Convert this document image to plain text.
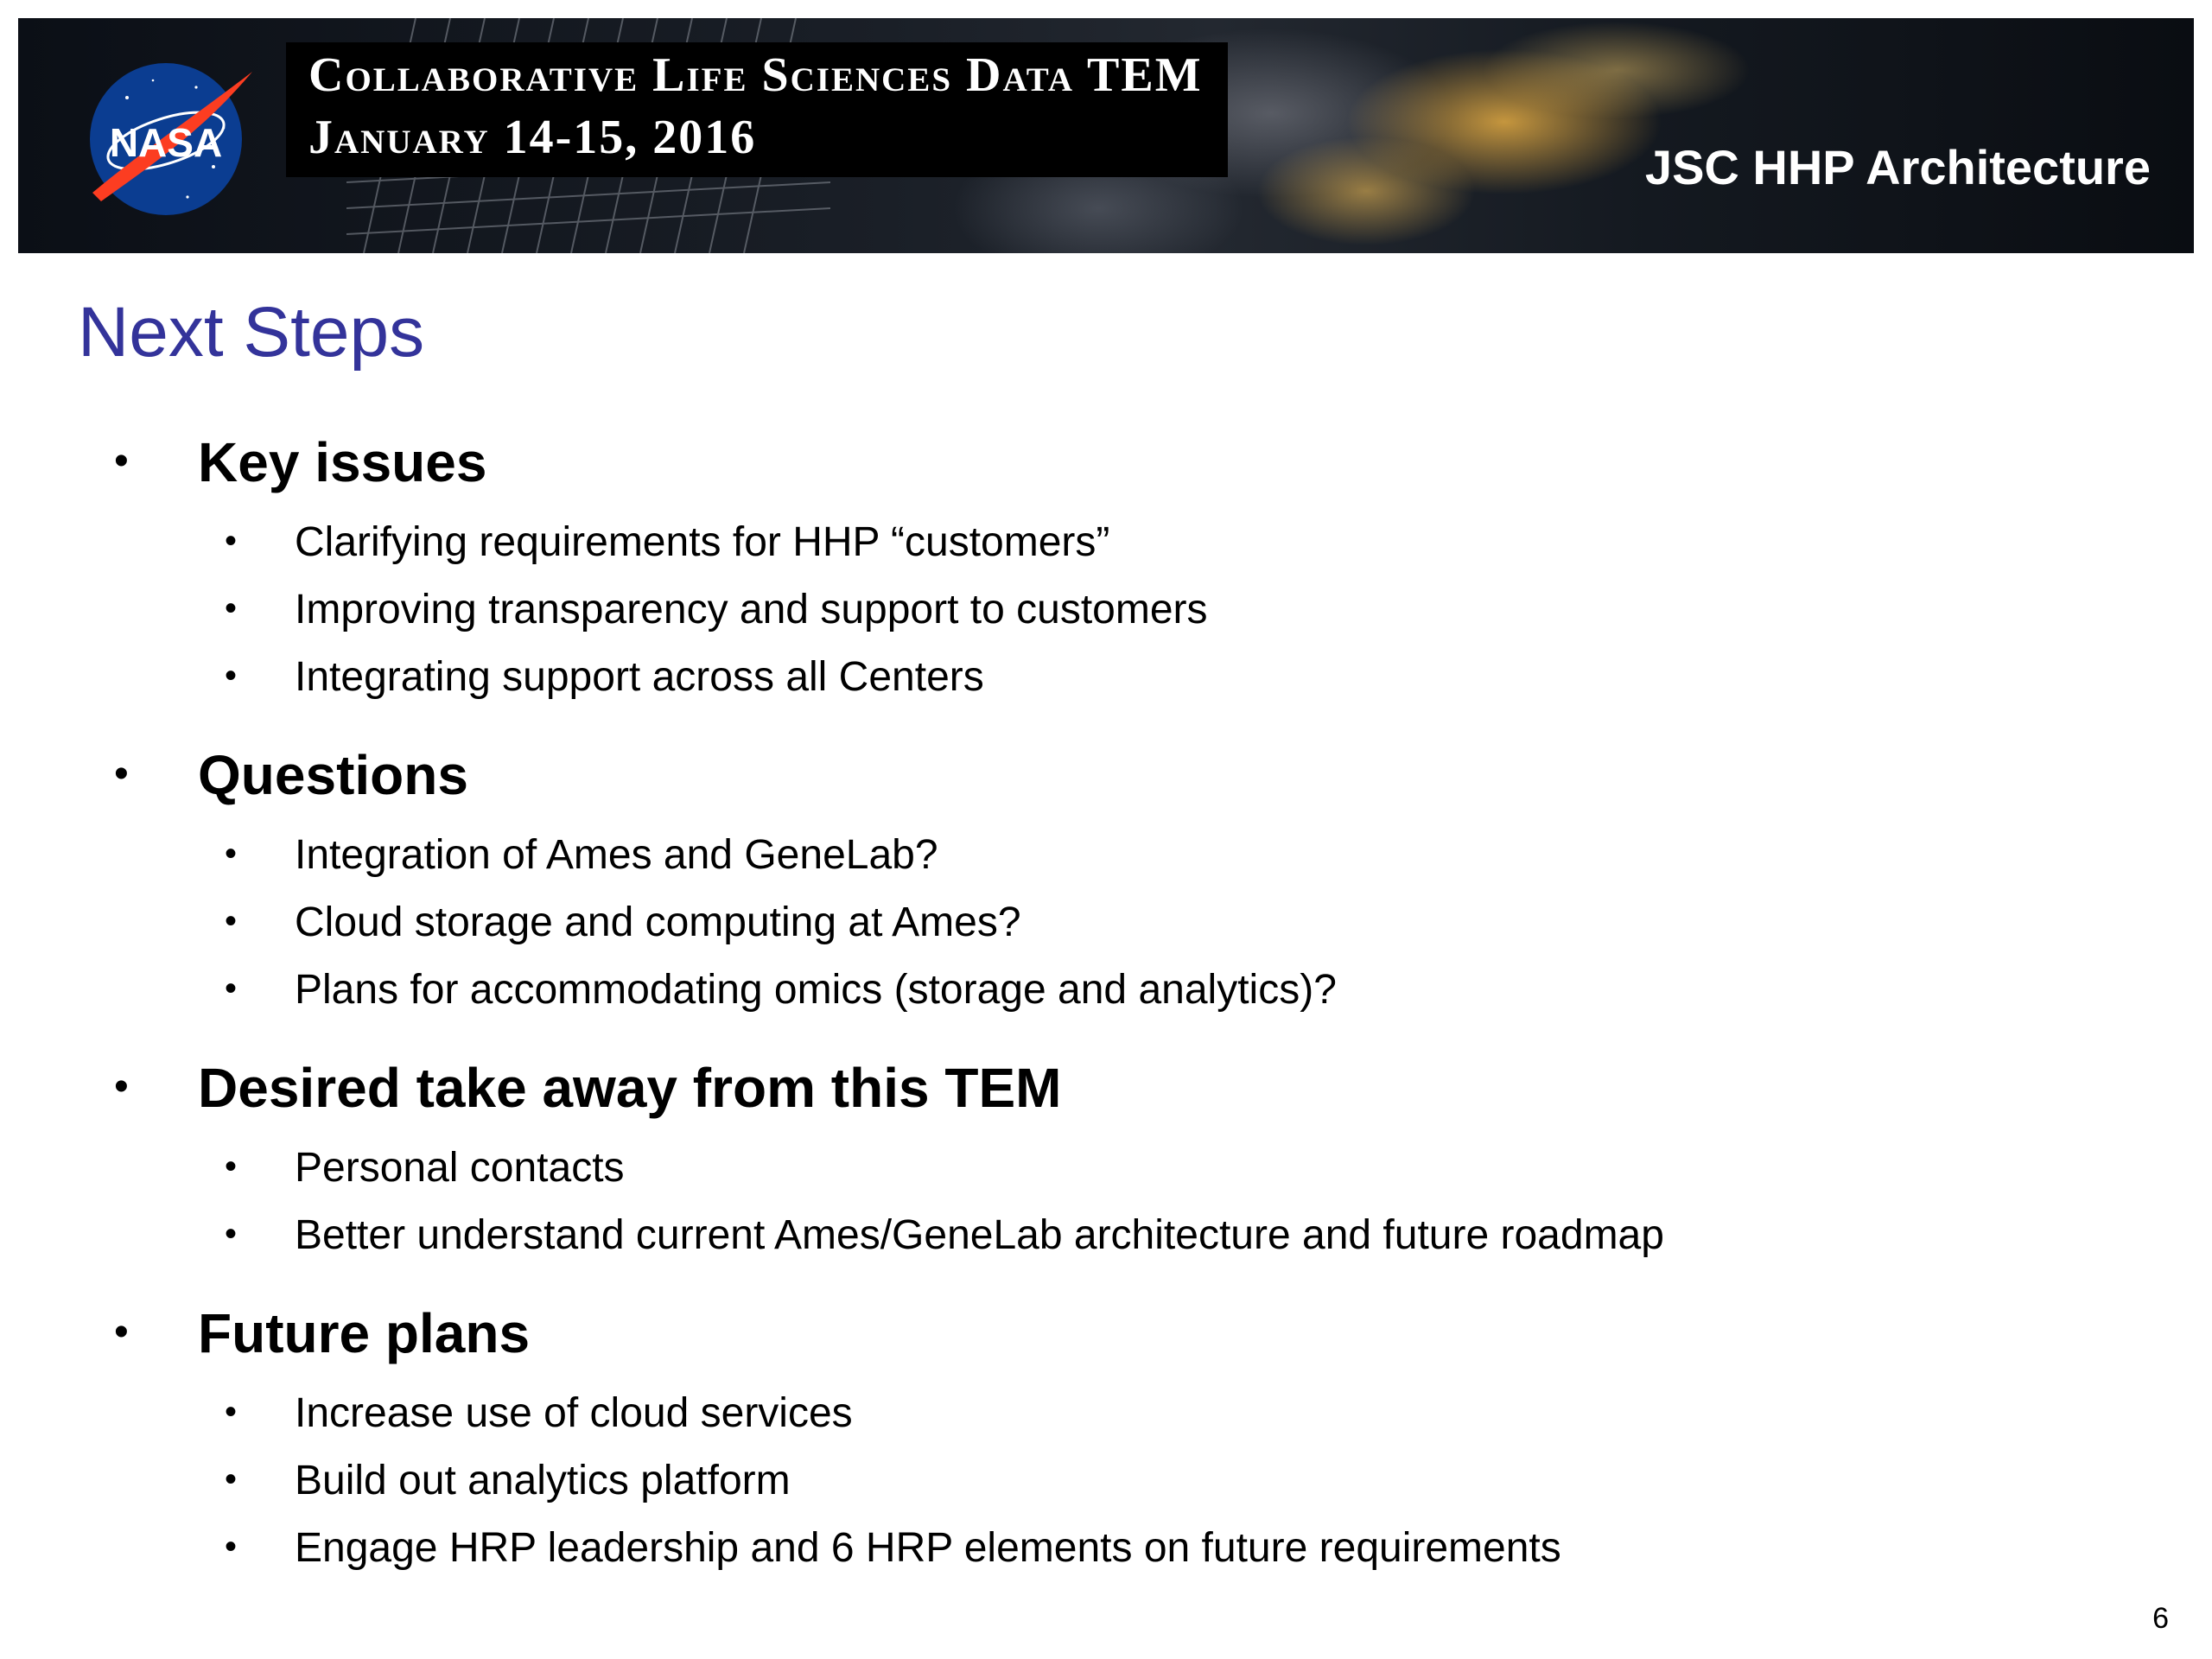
NASA
Collaborative Life Sciences Data TEM
January 14-15, 2016
JSC HHP Architecture
Next Steps
• Key issues
• Clarifying requirements for HHP “customers”
• Improving transparency and support to customers
• Integrating support across all Centers
• Questions
• Integration of Ames and GeneLab?
• Cloud storage and computing at Ames?
• Plans for accommodating omics (storage and analytics)?
• Desired take away from this TEM
• Personal contacts
• Better understand current Ames/GeneLab architecture and future roadmap
• Future plans
• Increase use of cloud services
• Build out analytics platform
• Engage HRP leadership and 6 HRP elements on future requirements
6
